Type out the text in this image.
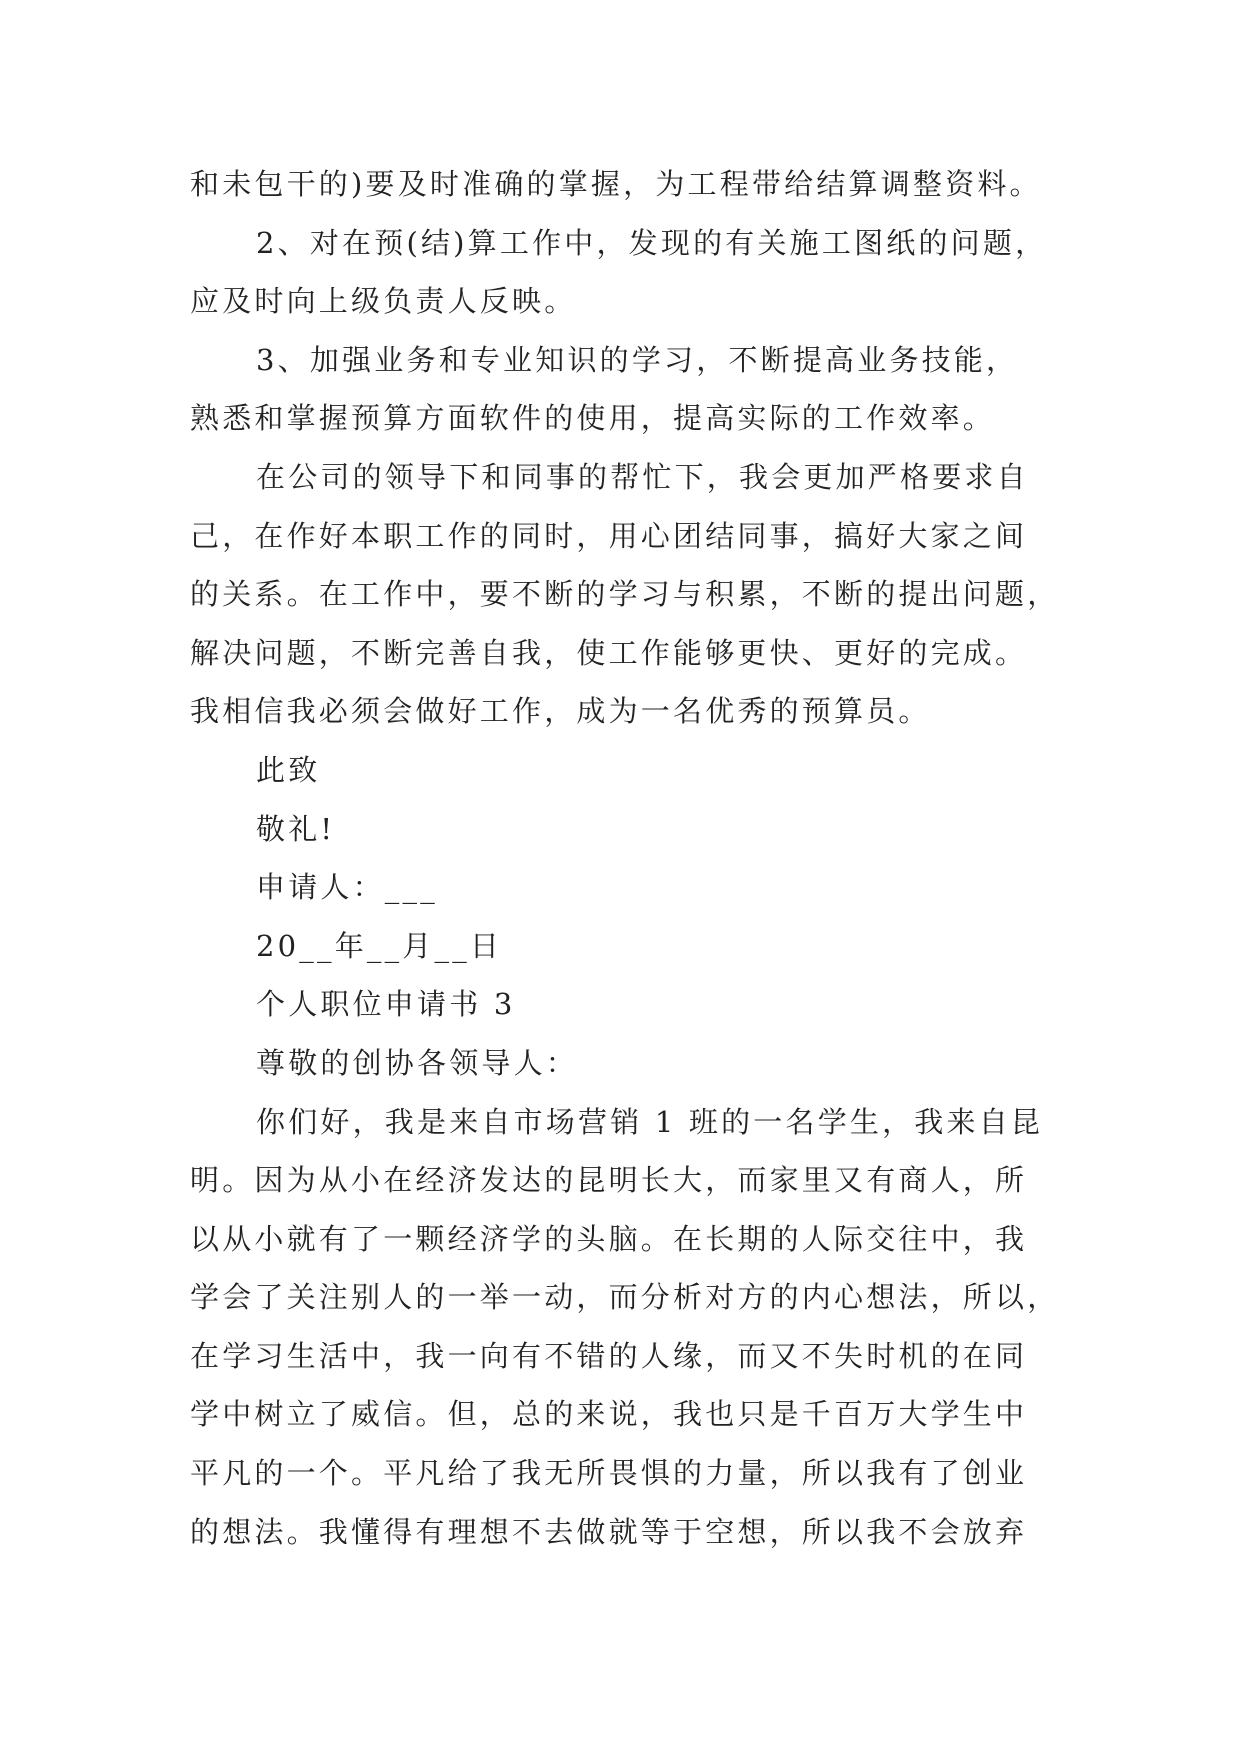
和未包干的)要及时准确的掌握，为工程带给结算调整资料。
2、对在预(结)算工作中，发现的有关施工图纸的问题，
应及时向上级负责人反映。
3、加强业务和专业知识的学习，不断提高业务技能，
熟悉和掌握预算方面软件的使用，提高实际的工作效率。
在公司的领导下和同事的帮忙下，我会更加严格要求自
己，在作好本职工作的同时，用心团结同事，搞好大家之间
的关系。在工作中，要不断的学习与积累，不断的提出问题，
解决问题，不断完善自我，使工作能够更快、更好的完成。
我相信我必须会做好工作，成为一名优秀的预算员。
此致
敬礼!
申请人：___
20__年__月__日
个人职位申请书 3
尊敬的创协各领导人：
你们好，我是来自市场营销 1 班的一名学生，我来自昆
明。因为从小在经济发达的昆明长大，而家里又有商人，所
以从小就有了一颗经济学的头脑。在长期的人际交往中，我
学会了关注别人的一举一动，而分析对方的内心想法，所以，
在学习生活中，我一向有不错的人缘，而又不失时机的在同
学中树立了威信。但，总的来说，我也只是千百万大学生中
平凡的一个。平凡给了我无所畏惧的力量，所以我有了创业
的想法。我懂得有理想不去做就等于空想，所以我不会放弃
